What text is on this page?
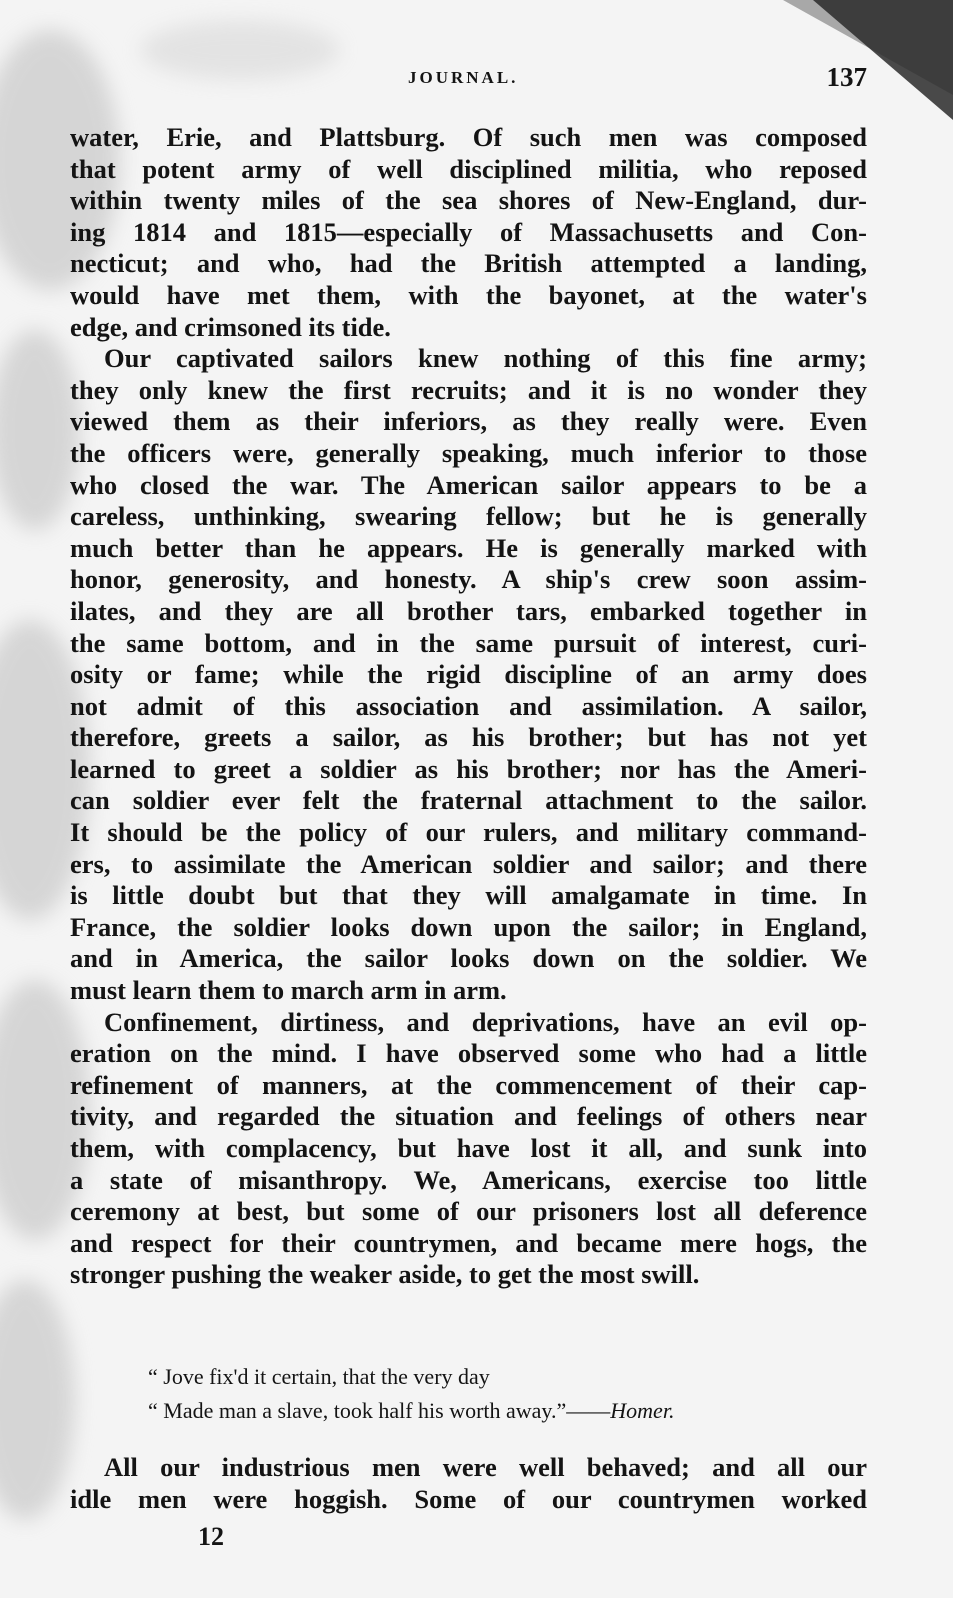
JOURNAL.	137
water, Erie, and Plattsburg. Of such men was composed
that potent army of well disciplined militia, who reposed
within twenty miles of the sea shores of New-England, dur-
ing 1814 and 1815—especially of Massachusetts and Con-
necticut; and who, had the British attempted a landing,
would have met them, with the bayonet, at the water's
edge, and crimsoned its tide.
Our captivated sailors knew nothing of this fine army;
they only knew the first recruits; and it is no wonder they
viewed them as their inferiors, as they really were. Even
the officers were, generally speaking, much inferior to those
who closed the war. The American sailor appears to be a
careless, unthinking, swearing fellow; but he is generally
much better than he appears. He is generally marked with
honor, generosity, and honesty. A ship's crew soon assim-
ilates, and they are all brother tars, embarked together in
the same bottom, and in the same pursuit of interest, curi-
osity or fame; while the rigid discipline of an army does
not admit of this association and assimilation. A sailor,
therefore, greets a sailor, as his brother; but has not yet
learned to greet a soldier as his brother; nor has the Ameri-
can soldier ever felt the fraternal attachment to the sailor.
It should be the policy of our rulers, and military command-
ers, to assimilate the American soldier and sailor; and there
is little doubt but that they will amalgamate in time. In
France, the soldier looks down upon the sailor; in England,
and in America, the sailor looks down on the soldier. We
must learn them to march arm in arm.
Confinement, dirtiness, and deprivations, have an evil op-
eration on the mind. I have observed some who had a little
refinement of manners, at the commencement of their cap-
tivity, and regarded the situation and feelings of others near
them, with complacency, but have lost it all, and sunk into
a state of misanthropy. We, Americans, exercise too little
ceremony at best, but some of our prisoners lost all deference
and respect for their countrymen, and became mere hogs, the
stronger pushing the weaker aside, to get the most swill.
“ Jove fix'd it certain, that the very day
“ Made man a slave, took half his worth away.”——Homer.
All our industrious men were well behaved; and all our
idle men were hoggish. Some of our countrymen worked
12
